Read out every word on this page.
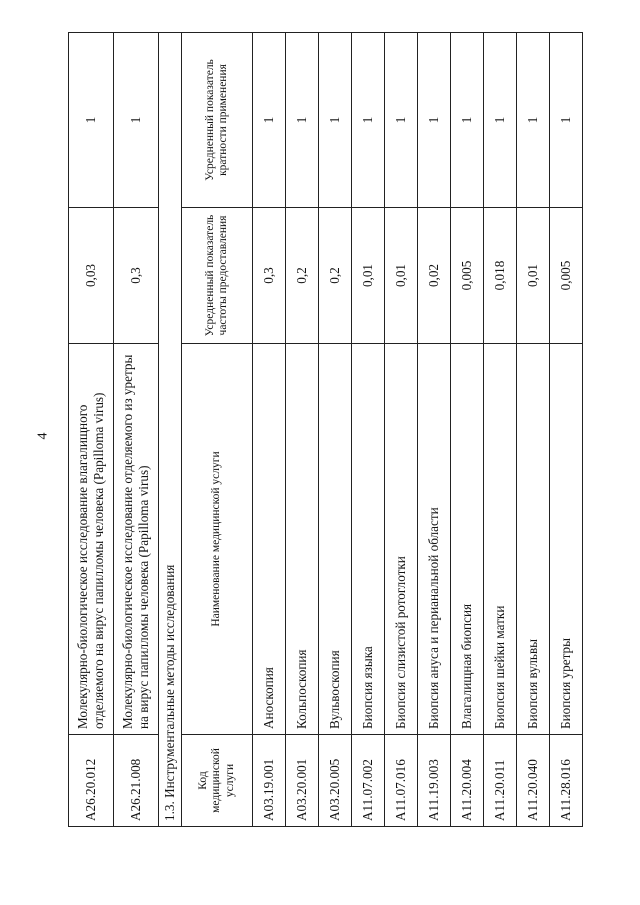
4
A26.20.012	Молекулярно-биологическое исследование влагалищного отделяемого на вирус папилломы человека (Papilloma virus)	0,03	1
A26.21.008	Молекулярно-биологическое исследование отделяемого из уретры на вирус папилломы человека (Papilloma virus)	0,3	1
1.3. Инструментальные методы исследования			
Код медицинской услуги	Наименование медицинской услуги	Усредненный показатель частоты предоставления	Усредненный показатель кратности применения
A03.19.001	Аноскопия	0,3	1
A03.20.001	Кольпоскопия	0,2	1
A03.20.005	Вульвоскопия	0,2	1
A11.07.002	Биопсия языка	0,01	1
A11.07.016	Биопсия слизистой ротоглотки	0,01	1
A11.19.003	Биопсия ануса и перианальной области	0,02	1
A11.20.004	Влагалищная биопсия	0,005	1
A11.20.011	Биопсия шейки матки	0,018	1
A11.20.040	Биопсия вульвы	0,01	1
A11.28.016	Биопсия уретры	0,005	1
